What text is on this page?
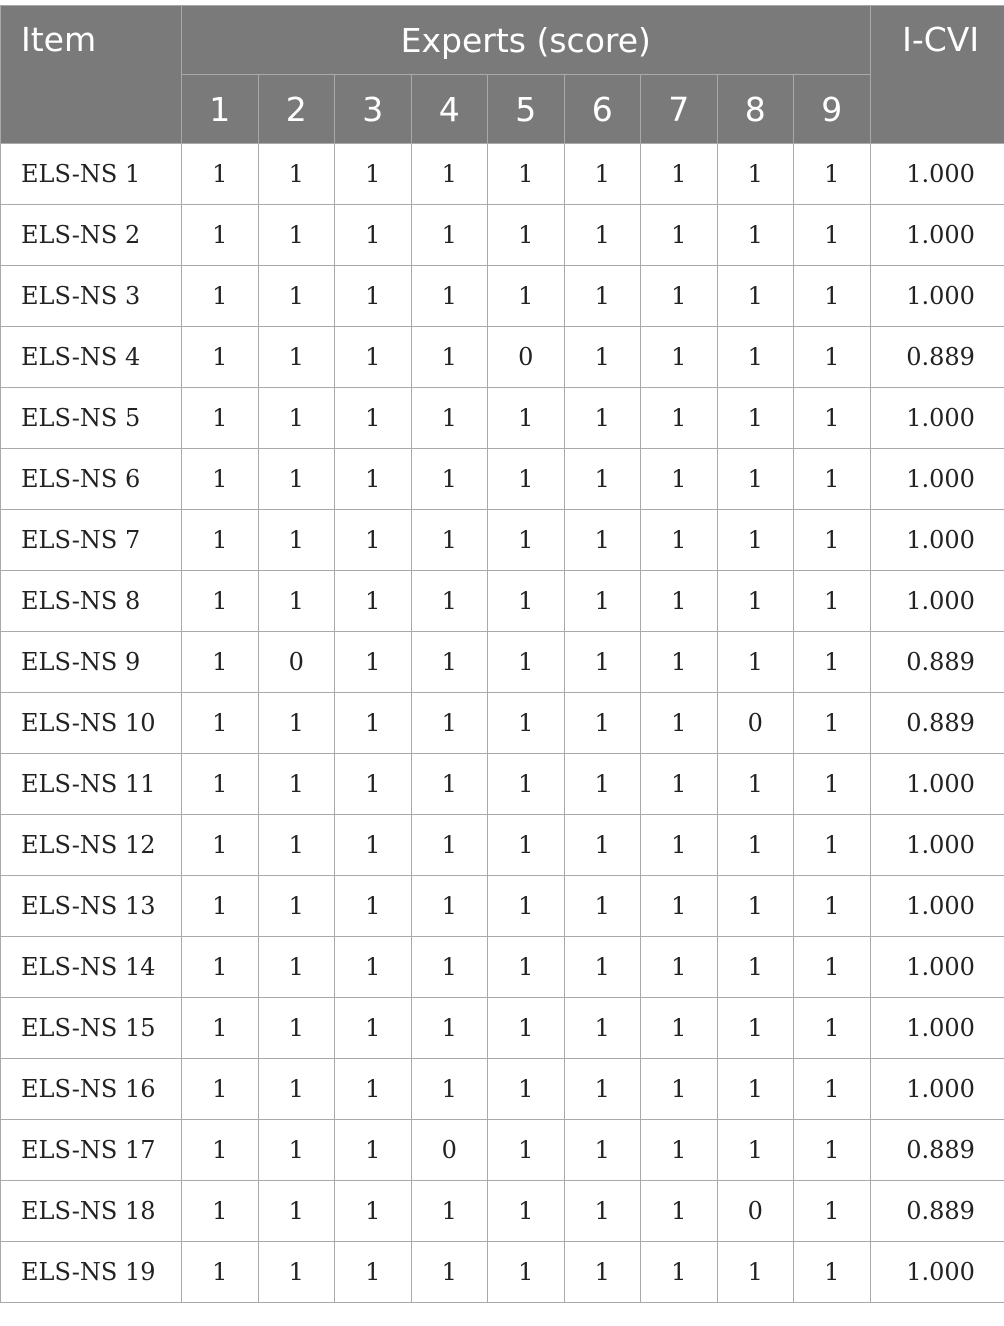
Item	Experts (score)									I-CVI
	1	2	3	4	5	6	7	8	9	
ELS-NS 1	1	1	1	1	1	1	1	1	1	1.000
ELS-NS 2	1	1	1	1	1	1	1	1	1	1.000
ELS-NS 3	1	1	1	1	1	1	1	1	1	1.000
ELS-NS 4	1	1	1	1	0	1	1	1	1	0.889
ELS-NS 5	1	1	1	1	1	1	1	1	1	1.000
ELS-NS 6	1	1	1	1	1	1	1	1	1	1.000
ELS-NS 7	1	1	1	1	1	1	1	1	1	1.000
ELS-NS 8	1	1	1	1	1	1	1	1	1	1.000
ELS-NS 9	1	0	1	1	1	1	1	1	1	0.889
ELS-NS 10	1	1	1	1	1	1	1	0	1	0.889
ELS-NS 11	1	1	1	1	1	1	1	1	1	1.000
ELS-NS 12	1	1	1	1	1	1	1	1	1	1.000
ELS-NS 13	1	1	1	1	1	1	1	1	1	1.000
ELS-NS 14	1	1	1	1	1	1	1	1	1	1.000
ELS-NS 15	1	1	1	1	1	1	1	1	1	1.000
ELS-NS 16	1	1	1	1	1	1	1	1	1	1.000
ELS-NS 17	1	1	1	0	1	1	1	1	1	0.889
ELS-NS 18	1	1	1	1	1	1	1	0	1	0.889
ELS-NS 19	1	1	1	1	1	1	1	1	1	1.000
